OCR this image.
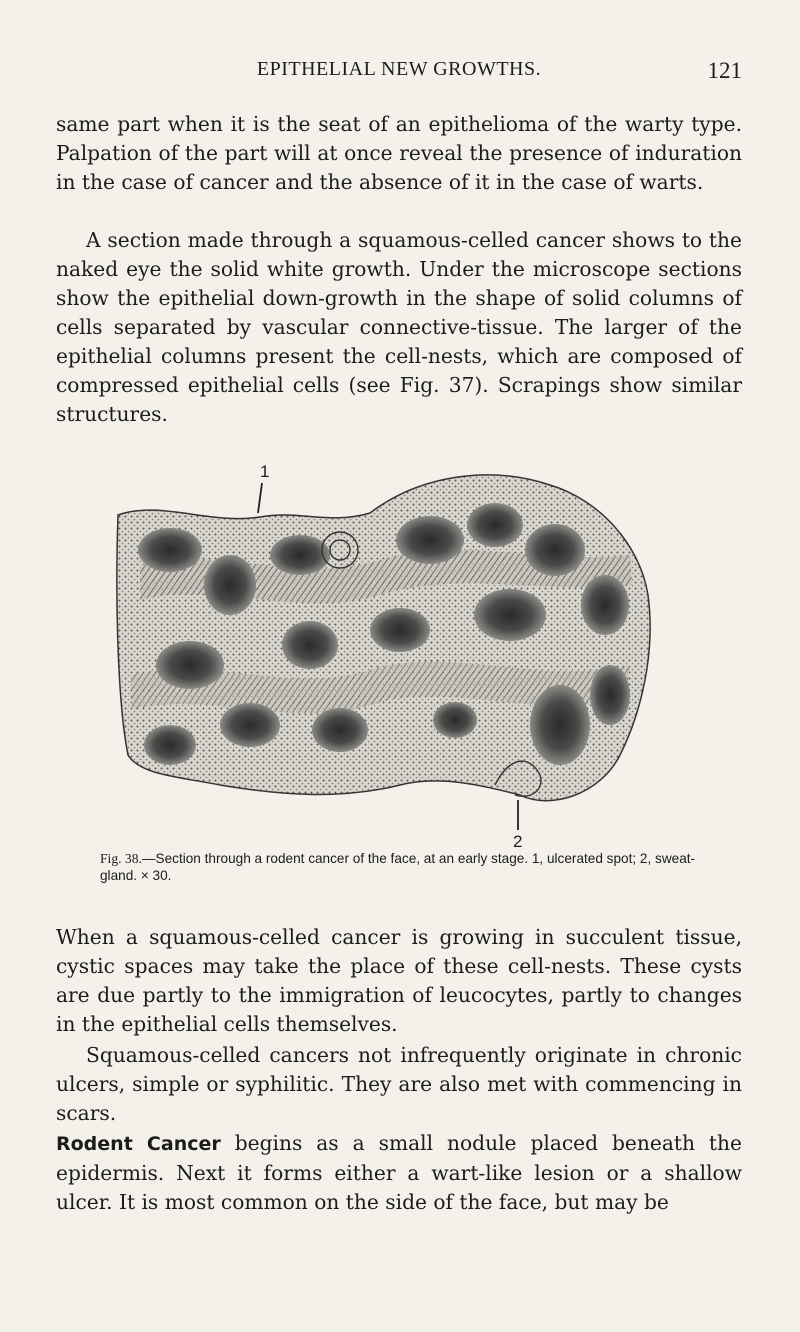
EPITHELIAL NEW GROWTHS.	121

same part when it is the seat of an epithelioma of the warty type. Palpation of the part will at once reveal the presence of induration in the case of cancer and the absence of it in the case of warts.

A section made through a squamous-celled cancer shows to the naked eye the solid white growth. Under the microscope sections show the epithelial down-growth in the shape of solid columns of cells separated by vascular connective-tissue. The larger of the epithelial columns present the cell-nests, which are composed of compressed epithelial cells (see Fig. 37). Scrapings show similar structures.

1
2
Fig. 38.—Section through a rodent cancer of the face, at an early stage. 1, ulcerated spot; 2, sweat-gland. × 30.

When a squamous-celled cancer is growing in succulent tissue, cystic spaces may take the place of these cell-nests. These cysts are due partly to the immigration of leucocytes, partly to changes in the epithelial cells themselves.

Squamous-celled cancers not infrequently originate in chronic ulcers, simple or syphilitic. They are also met with commencing in scars.

Rodent Cancer begins as a small nodule placed beneath the epidermis. Next it forms either a wart-like lesion or a shallow ulcer. It is most common on the side of the face, but may be
